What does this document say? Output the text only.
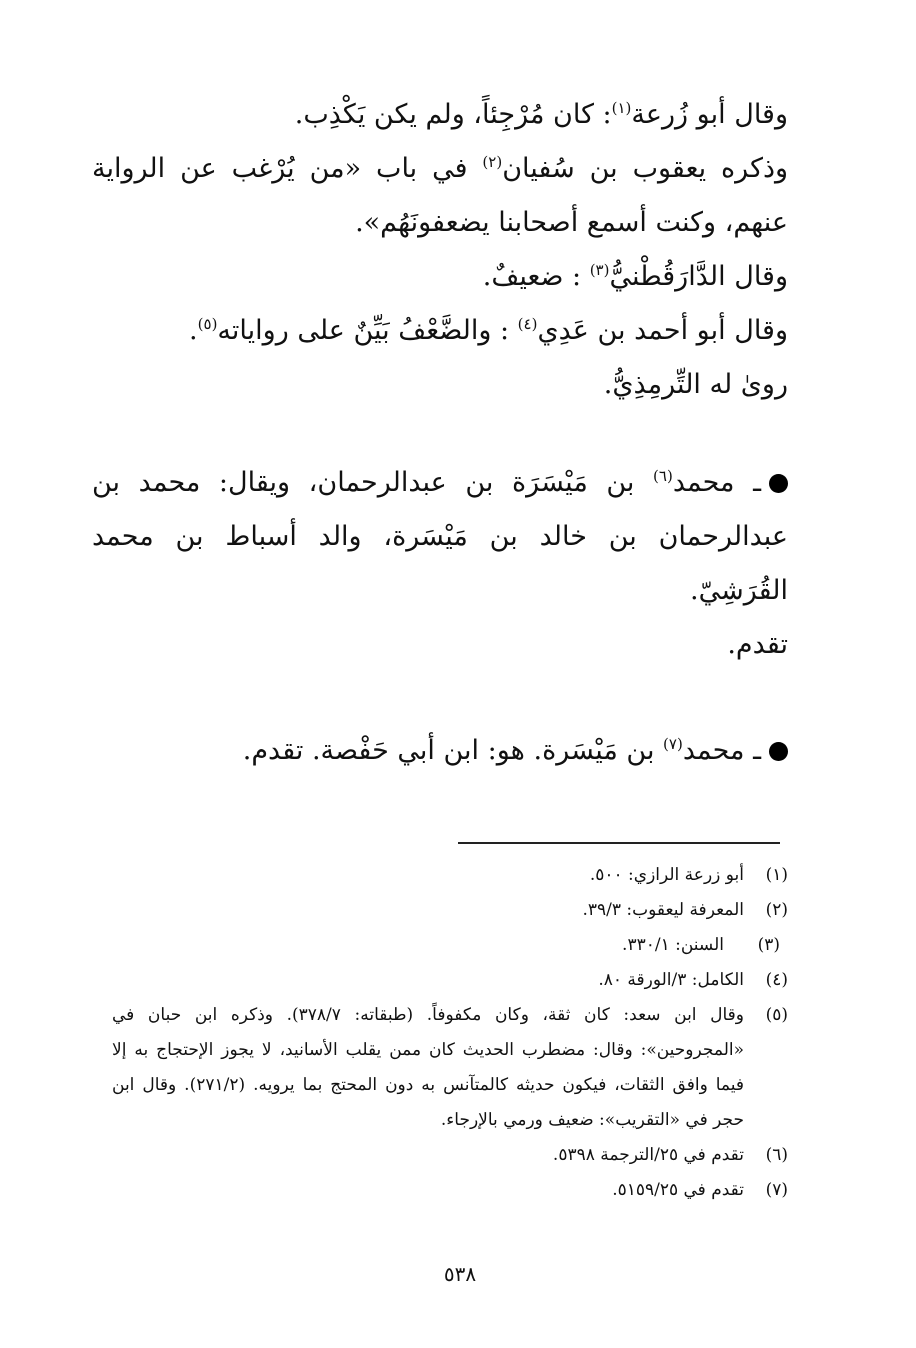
وقال أبو زُرعة$^{(١)}$: كان مُرْجِئاً، ولم يكن يَكْذِب.

وذكره يعقوب بن سُفيان$^{(٢)}$ في باب «من يُرْغب عن الرواية عنهم، وكنت أسمع أصحابنا يضعفونَهُم».

وقال الدَّارَقُطْنيُّ$^{(٣)}$ : ضعيفٌ.

وقال أبو أحمد بن عَدِي$^{(٤)}$ : والضَّعْفُ بَيِّنٌ على رواياته$^{(٥)}$.

روىٰ له التِّرمِذِيُّ.

ـ محمد$^{(٦)}$ بن مَيْسَرَة بن عبدالرحمان، ويقال: محمد بن عبدالرحمان بن خالد بن مَيْسَرة، والد أسباط بن محمد القُرَشِيّ.
تقدم.

ـ محمد$^{(٧)}$ بن مَيْسَرة. هو: ابن أبي حَفْصة. تقدم.

(١)
أبو زرعة الرازي: ٥٠٠.
(٢)
المعرفة ليعقوب: ٣٩/٣.
(٣)
السنن: ٣٣٠/١.
(٤)
الكامل: ٣/الورقة ٨٠.
(٥)
وقال ابن سعد: كان ثقة، وكان مكفوفاً. (طبقاته: ٣٧٨/٧). وذكره ابن حبان في «المجروحين»: وقال: مضطرب الحديث كان ممن يقلب الأسانيد، لا يجوز الإحتجاج به إلا فيما وافق الثقات، فيكون حديثه كالمتآنس به دون المحتج بما يرويه. (٢٧١/٢). وقال ابن حجر في «التقريب»: ضعيف ورمي بالإرجاء.
(٦)
تقدم في ٢٥/الترجمة ٥٣٩٨.
(٧)
تقدم في ٥١٥٩/٢٥.
٥٣٨
